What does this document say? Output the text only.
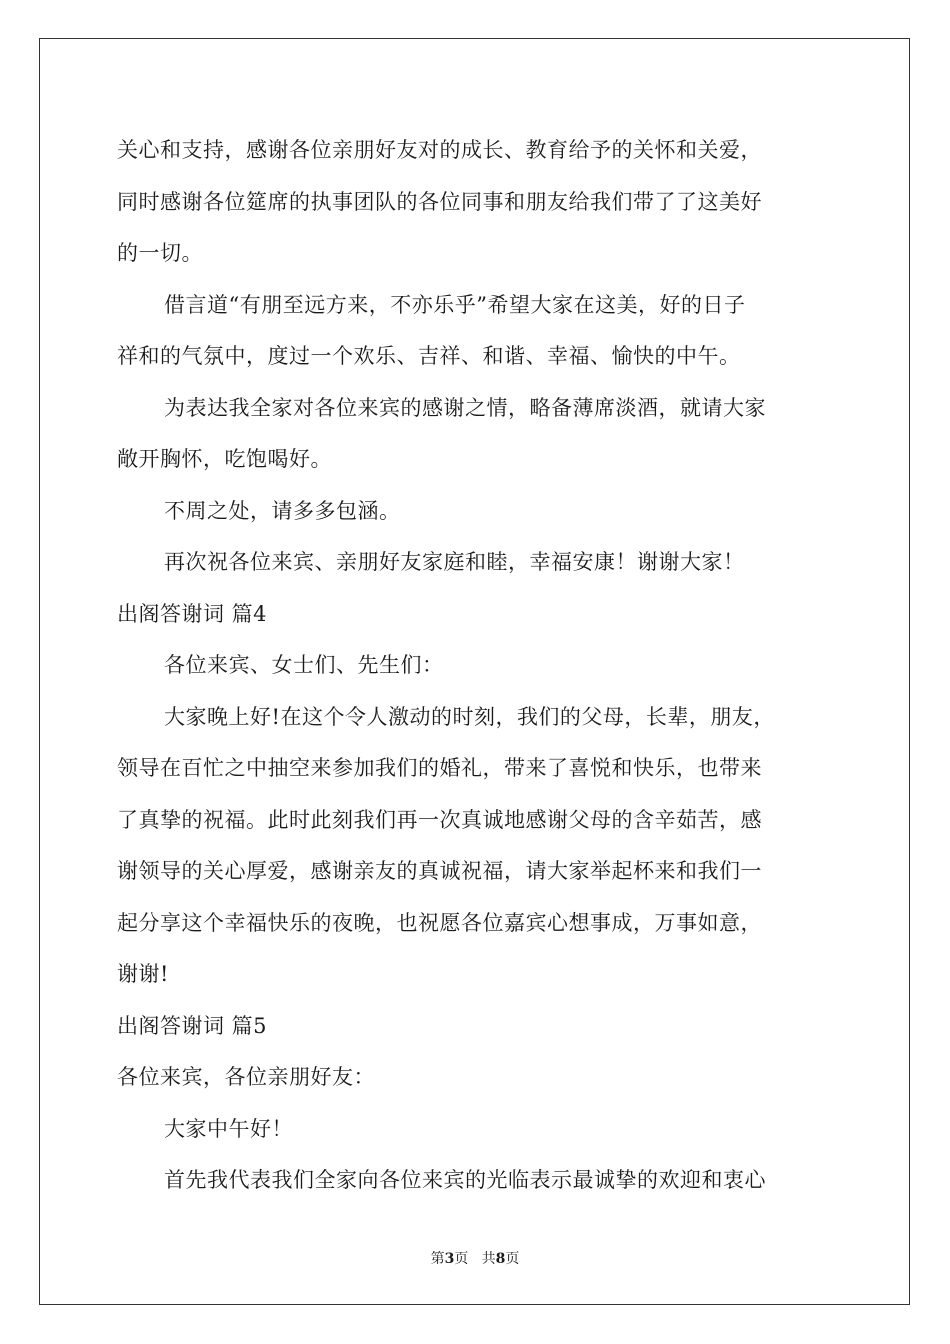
关心和支持，感谢各位亲朋好友对的成长、教育给予的关怀和关爱，
同时感谢各位筵席的执事团队的各位同事和朋友给我们带了了这美好
的一切。
借言道“有朋至远方来，不亦乐乎”希望大家在这美，好的日子
祥和的气氛中，度过一个欢乐、吉祥、和谐、幸福、愉快的中午。
为表达我全家对各位来宾的感谢之情，略备薄席淡酒，就请大家
敞开胸怀，吃饱喝好。
不周之处，请多多包涵。
再次祝各位来宾、亲朋好友家庭和睦，幸福安康！谢谢大家！
出阁答谢词 篇4
各位来宾、女士们、先生们：
大家晚上好!在这个令人激动的时刻，我们的父母，长辈，朋友，
领导在百忙之中抽空来参加我们的婚礼，带来了喜悦和快乐，也带来
了真挚的祝福。此时此刻我们再一次真诚地感谢父母的含辛茹苦，感
谢领导的关心厚爱，感谢亲友的真诚祝福，请大家举起杯来和我们一
起分享这个幸福快乐的夜晚，也祝愿各位嘉宾心想事成，万事如意，
谢谢!
出阁答谢词 篇5
各位来宾，各位亲朋好友：
大家中午好！
首先我代表我们全家向各位来宾的光临表示最诚挚的欢迎和衷心
第3页 共8页
